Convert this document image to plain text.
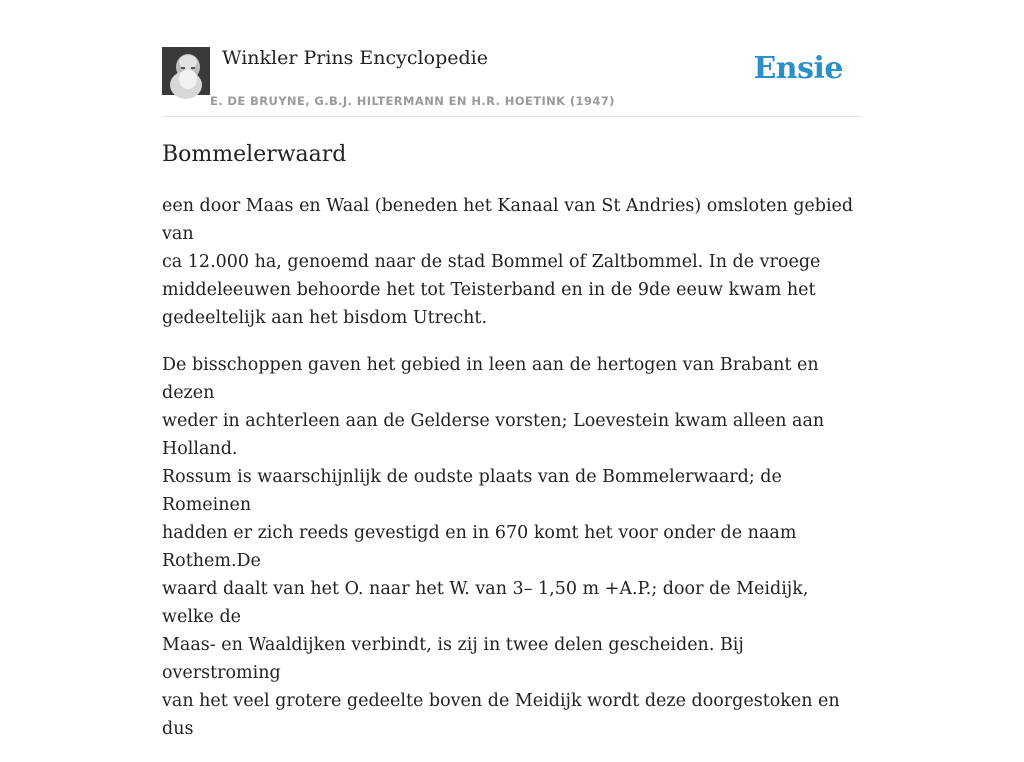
Winkler Prins Encyclopedie
E. DE BRUYNE, G.B.J. HILTERMANN EN H.R. HOETINK (1947)
Ensie
Bommelerwaard

een door Maas en Waal (beneden het Kanaal van St Andries) omsloten gebied van
ca 12.000 ha, genoemd naar de stad Bommel of Zaltbommel. In de vroege
middeleeuwen behoorde het tot Teisterband en in de 9de eeuw kwam het
gedeeltelijk aan het bisdom Utrecht.

De bisschoppen gaven het gebied in leen aan de hertogen van Brabant en dezen
weder in achterleen aan de Gelderse vorsten; Loevestein kwam alleen aan Holland.
Rossum is waarschijnlijk de oudste plaats van de Bommelerwaard; de Romeinen
hadden er zich reeds gevestigd en in 670 komt het voor onder de naam Rothem.De
waard daalt van het O. naar het W. van 3– 1,50 m +A.P.; door de Meidijk, welke de
Maas- en Waaldijken verbindt, is zij in twee delen gescheiden. Bij overstroming
van het veel grotere gedeelte boven de Meidijk wordt deze doorgestoken en dus
